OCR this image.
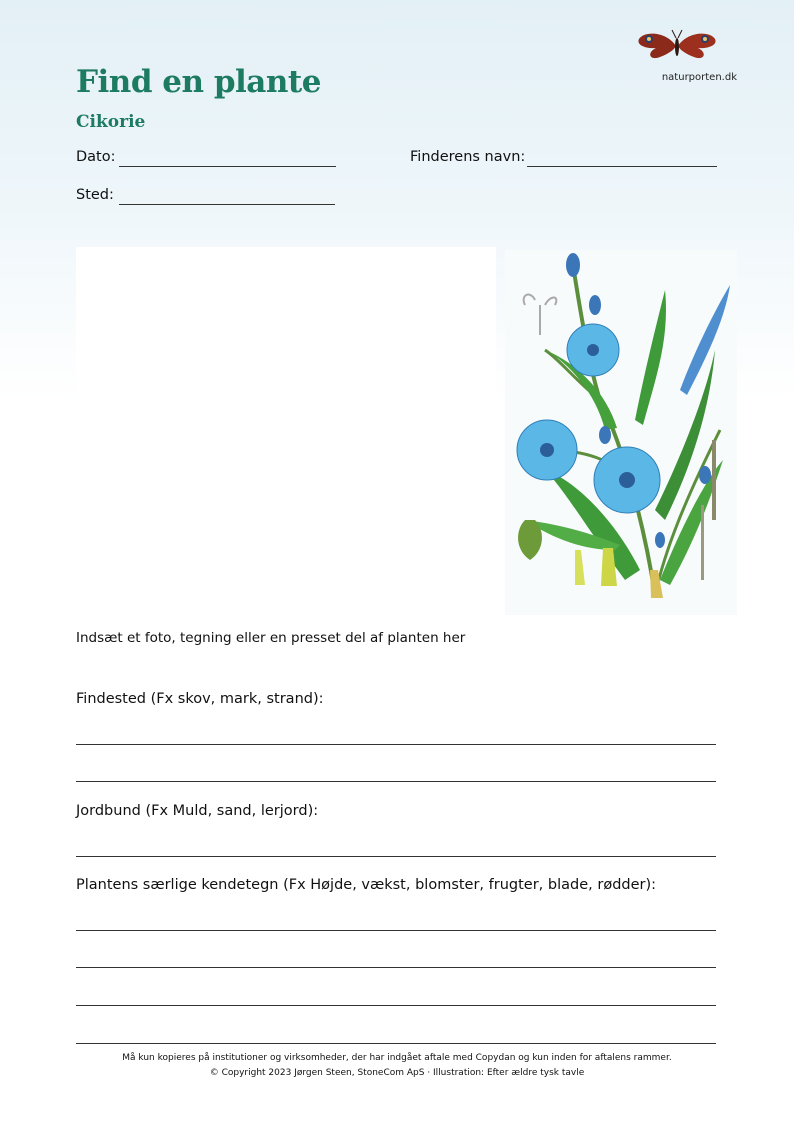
naturporten.dk
Find en plante
Cikorie
Dato:	Finderens navn:
Sted:
Indsæt et foto, tegning eller en presset del af planten her
Findested (Fx skov, mark, strand):
Jordbund (Fx Muld, sand, lerjord):
Plantens særlige kendetegn (Fx Højde, vækst, blomster, frugter, blade, rødder):
Må kun kopieres på institutioner og virksomheder, der har indgået aftale med Copydan og kun inden for aftalens rammer.
© Copyright 2023 Jørgen Steen, StoneCom ApS · Illustration: Efter ældre tysk tavle
